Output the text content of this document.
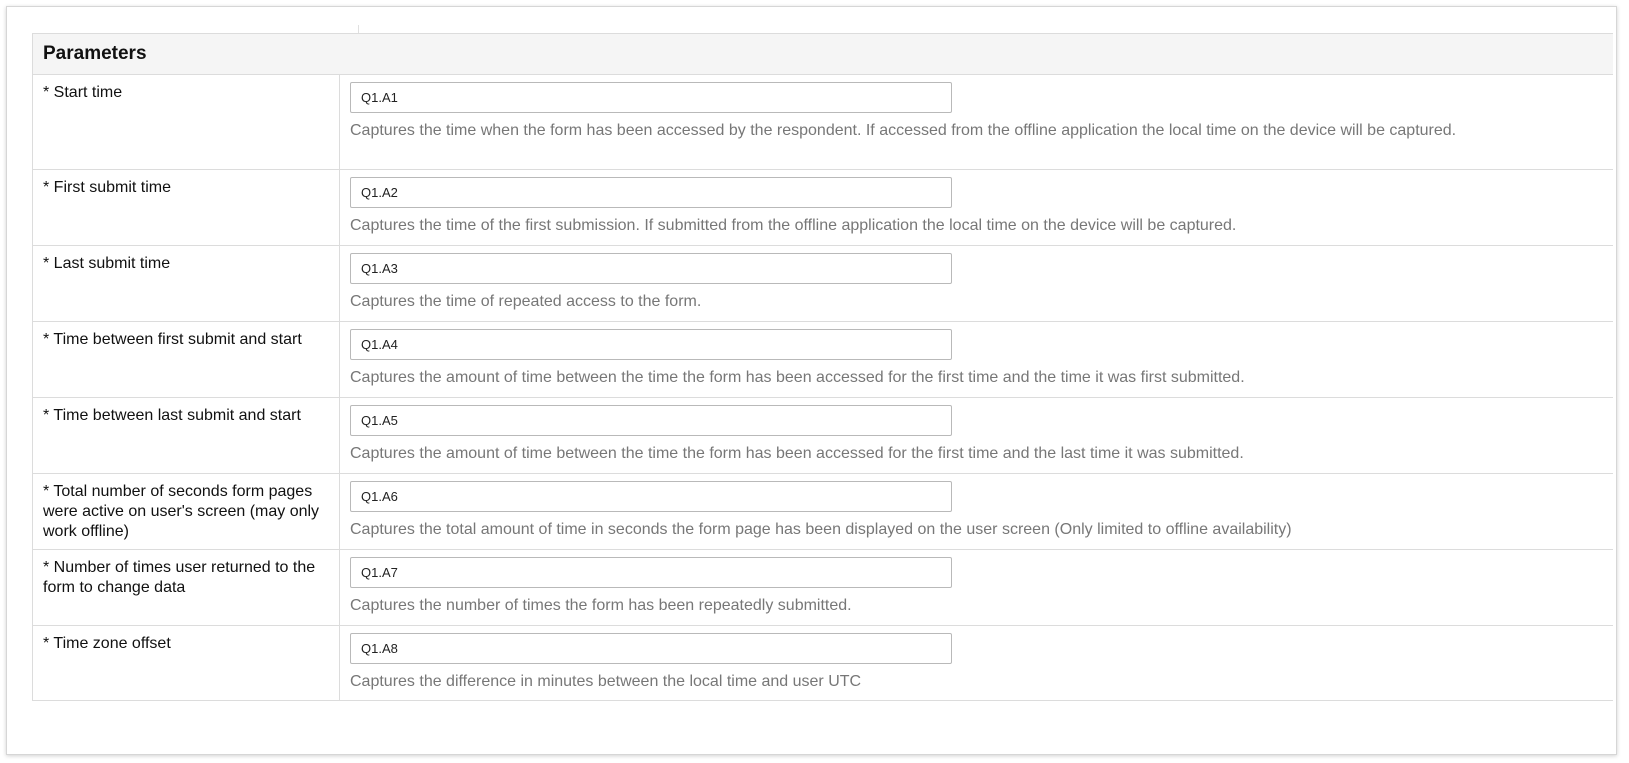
Parameters
* Start time
Q1.A1
Captures the time when the form has been accessed by the respondent. If accessed from the offline application the local time on the device will be captured.
* First submit time
Q1.A2
Captures the time of the first submission. If submitted from the offline application the local time on the device will be captured.
* Last submit time
Q1.A3
Captures the time of repeated access to the form.
* Time between first submit and start
Q1.A4
Captures the amount of time between the time the form has been accessed for the first time and the time it was first submitted.
* Time between last submit and start
Q1.A5
Captures the amount of time between the time the form has been accessed for the first time and the last time it was submitted.
* Total number of seconds form pages were active on user's screen (may only work offline)
Q1.A6	Captures the total amount of time in seconds the form page has been displayed on the user screen (Only limited to offline availability)
* Number of times user returned to the form to change data
Q1.A7
Captures the number of times the form has been repeatedly submitted.
* Time zone offset
Q1.A8
Captures the difference in minutes between the local time and user UTC
